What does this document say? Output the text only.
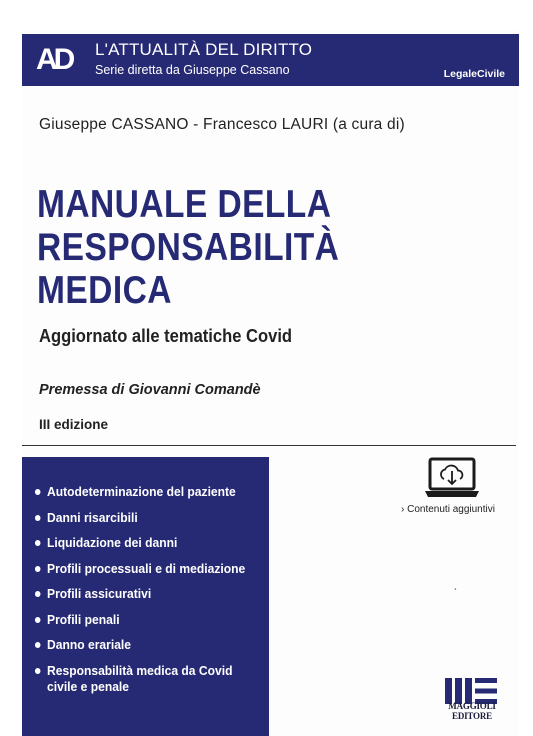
AD L'ATTUALITÀ DEL DIRITTO
Serie diretta da Giuseppe Cassano	LegaleCivile
Giuseppe CASSANO - Francesco LAURI (a cura di)
MANUALE DELLA
RESPONSABILITÀ
MEDICA
Aggiornato alle tematiche Covid
Premessa di Giovanni Comandè
III edizione
Autodeterminazione del paziente
Danni risarcibili
Liquidazione dei danni
Profili processuali e di mediazione
Profili assicurativi
Profili penali
Danno erariale
Responsabilità medica da Covid civile e penale
› Contenuti aggiuntivi
ˎ
MAGGIOLI
EDITORE
